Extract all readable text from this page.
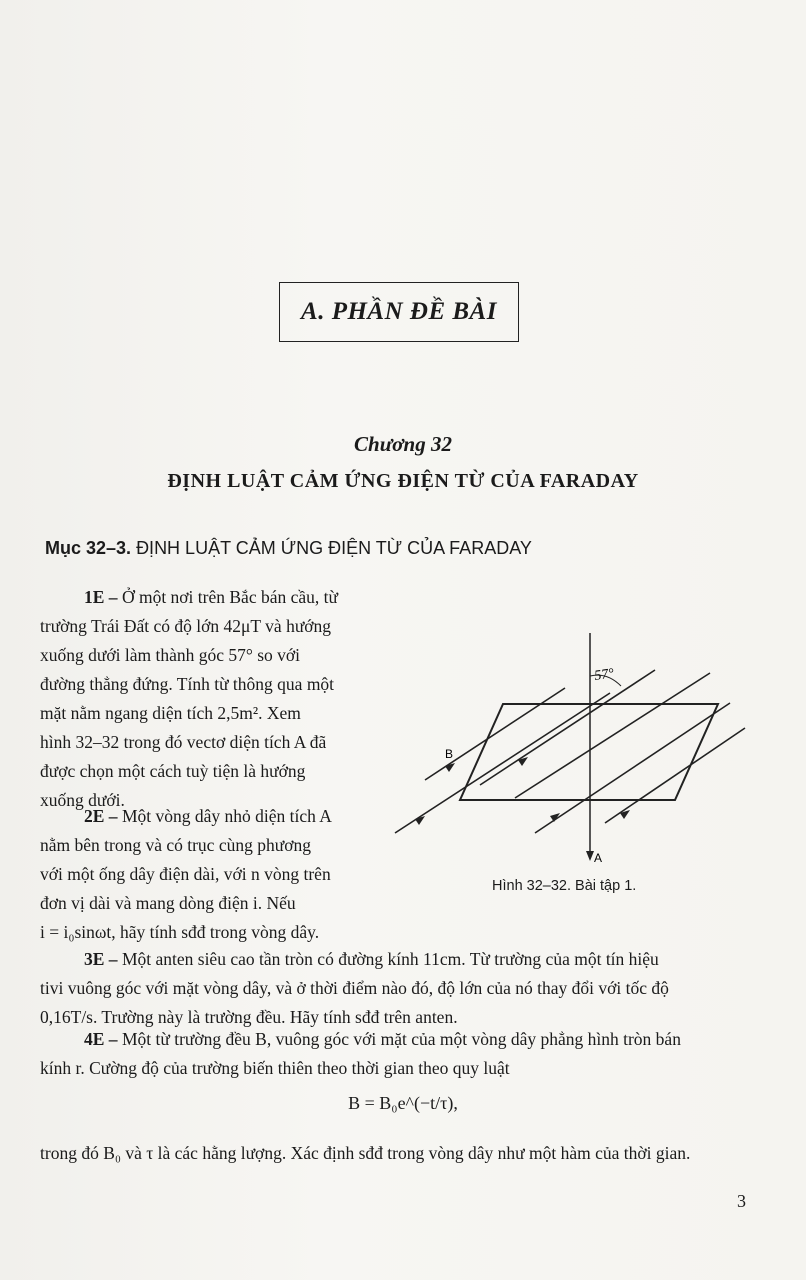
A. PHẦN ĐỀ BÀI
Chương 32
ĐỊNH LUẬT CẢM ỨNG ĐIỆN TỪ CỦA FARADAY
Mục 32–3. ĐỊNH LUẬT CẢM ỨNG ĐIỆN TỪ CỦA FARADAY
1E – Ở một nơi trên Bắc bán cầu, từ
trường Trái Đất có độ lớn 42μT và hướng
xuống dưới làm thành góc 57° so với
đường thẳng đứng. Tính từ thông qua một
mặt nằm ngang diện tích 2,5m². Xem
hình 32–32 trong đó vectơ diện tích A đã
được chọn một cách tuỳ tiện là hướng
xuống dưới.
2E – Một vòng dây nhỏ diện tích A
nằm bên trong và có trục cùng phương
với một ống dây điện dài, với n vòng trên
đơn vị dài và mang dòng điện i. Nếu
i = i₀sinωt, hãy tính sđđ trong vòng dây.
3E – Một anten siêu cao tần tròn có đường kính 11cm. Từ trường của một tín hiệu
tivi vuông góc với mặt vòng dây, và ở thời điểm nào đó, độ lớn của nó thay đổi với tốc độ
0,16T/s. Trường này là trường đều. Hãy tính sđđ trên anten.
4E – Một từ trường đều B, vuông góc với mặt của một vòng dây phẳng hình tròn bán
kính r. Cường độ của trường biến thiên theo thời gian theo quy luật
B = B₀e^(−t/τ),
trong đó B₀ và τ là các hằng lượng. Xác định sđđ trong vòng dây như một hàm của thời gian.
57°
B
A
Hình 32–32. Bài tập 1.
3
